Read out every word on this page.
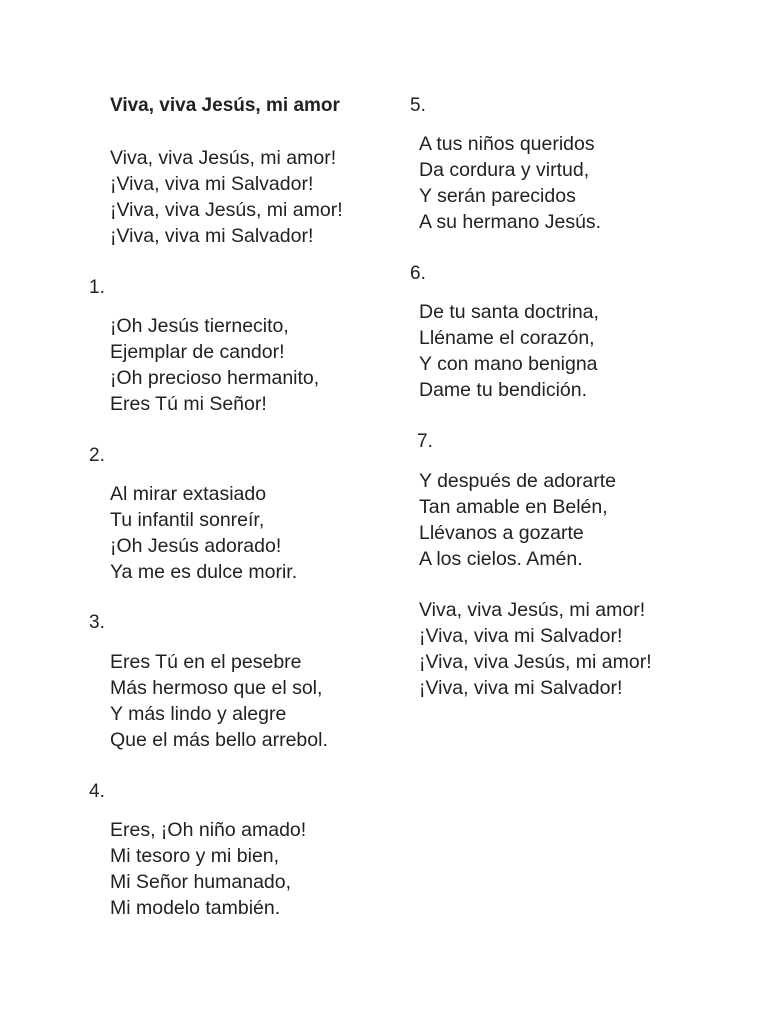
Viva, viva Jesús, mi amor
Viva, viva Jesús, mi amor!
¡Viva, viva mi Salvador!
¡Viva, viva Jesús, mi amor!
¡Viva, viva mi Salvador!
1.
¡Oh Jesús tiernecito,
Ejemplar de candor!
¡Oh precioso hermanito,
Eres Tú mi Señor!
2.
Al mirar extasiado
Tu infantil sonreír,
¡Oh Jesús adorado!
Ya me es dulce morir.
3.
Eres Tú en el pesebre
Más hermoso que el sol,
Y más lindo y alegre
Que el más bello arrebol.
4.
Eres, ¡Oh niño amado!
Mi tesoro y mi bien,
Mi Señor humanado,
Mi modelo también.
5.
A tus niños queridos
Da cordura y virtud,
Y serán parecidos
A su hermano Jesús.
6.
De tu santa doctrina,
Lléname el corazón,
Y con mano benigna
Dame tu bendición.
7.
Y después de adorarte
Tan amable en Belén,
Llévanos a gozarte
A los cielos. Amén.
Viva, viva Jesús, mi amor!
¡Viva, viva mi Salvador!
¡Viva, viva Jesús, mi amor!
¡Viva, viva mi Salvador!
